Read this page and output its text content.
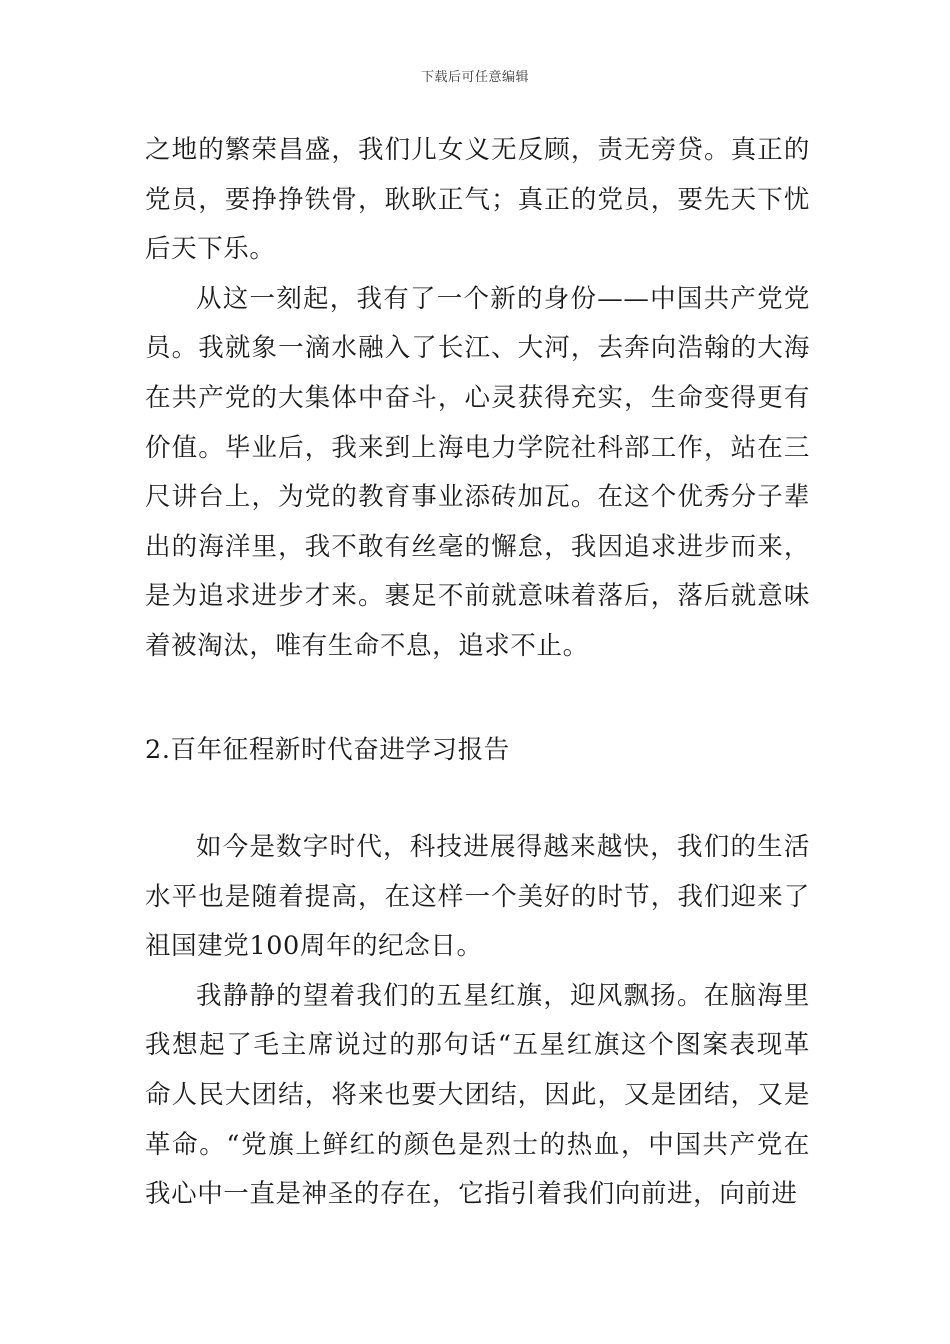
下载后可任意编辑

之地的繁荣昌盛，我们儿女义无反顾，责无旁贷。真正的党员，要挣挣铁骨，耿耿正气；真正的党员，要先天下忧后天下乐。

从这一刻起，我有了一个新的身份——中国共产党党员。我就象一滴水融入了长江、大河，去奔向浩翰的大海在共产党的大集体中奋斗，心灵获得充实，生命变得更有价值。毕业后，我来到上海电力学院社科部工作，站在三尺讲台上，为党的教育事业添砖加瓦。在这个优秀分子辈出的海洋里，我不敢有丝毫的懈怠，我因追求进步而来，是为追求进步才来。裹足不前就意味着落后，落后就意味着被淘汰，唯有生命不息，追求不止。

2.百年征程新时代奋进学习报告

如今是数字时代，科技进展得越来越快，我们的生活水平也是随着提高，在这样一个美好的时节，我们迎来了祖国建党100周年的纪念日。

我静静的望着我们的五星红旗，迎风飘扬。在脑海里我想起了毛主席说过的那句话“五星红旗这个图案表现革命人民大团结，将来也要大团结，因此，又是团结，又是革命。“党旗上鲜红的颜色是烈士的热血，中国共产党在我心中一直是神圣的存在，它指引着我们向前进，向前进
